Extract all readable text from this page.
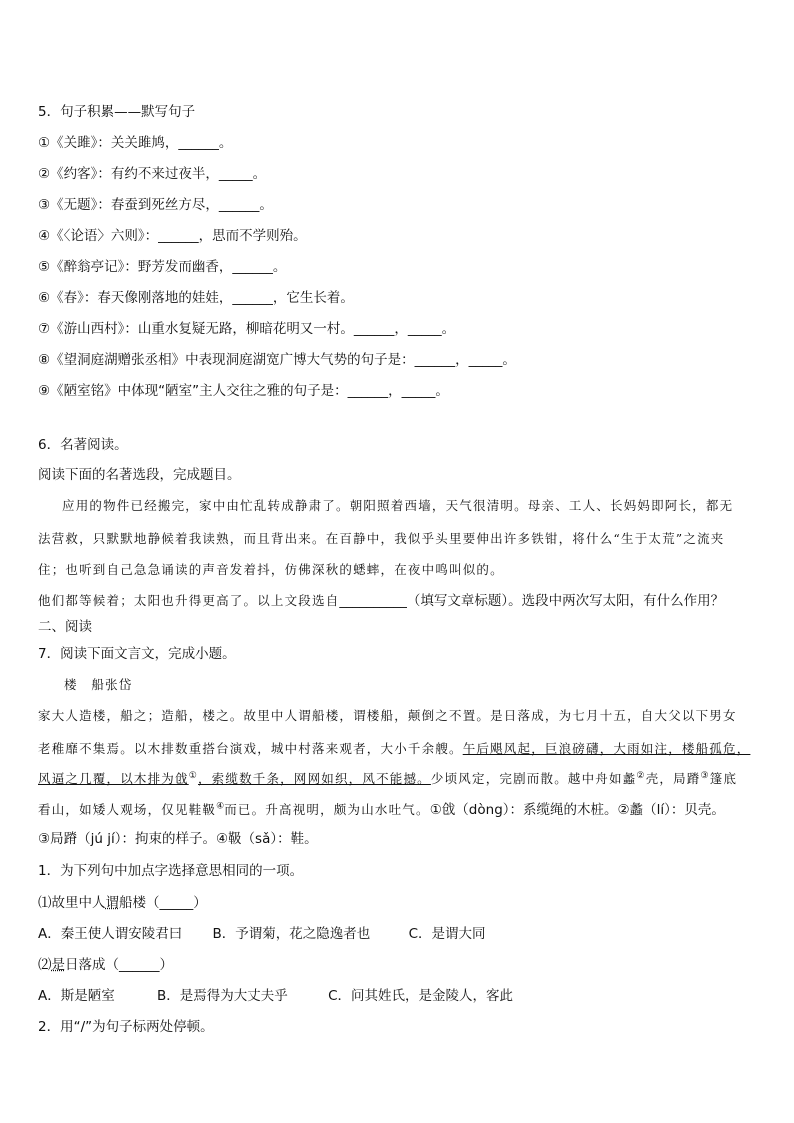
5．句子积累——默写句子
①《关雎》：关关雎鸠，______。
②《约客》：有约不来过夜半，_____。
③《无题》：春蚕到死丝方尽，______。
④《〈论语〉六则》：______，思而不学则殆。
⑤《醉翁亭记》：野芳发而幽香，______。
⑥《春》：春天像刚落地的娃娃，______，它生长着。
⑦《游山西村》：山重水复疑无路，柳暗花明又一村。______，_____。
⑧《望洞庭湖赠张丞相》中表现洞庭湖宽广博大气势的句子是：______，_____。
⑨《陋室铭》中体现“陋室”主人交往之雅的句子是：______，_____。
6．名著阅读。
阅读下面的名著选段，完成题目。
应用的物件已经搬完，家中由忙乱转成静肃了。朝阳照着西墙，天气很清明。母亲、工人、长妈妈即阿长，都无
法营救，只默默地静候着我读熟，而且背出来。在百静中，我似乎头里要伸出许多铁钳，将什么“生于太荒”之流夹
住；也听到自己急急诵读的声音发着抖，仿佛深秋的蟋蟀，在夜中鸣叫似的。
他们都等候着；太阳也升得更高了。以上文段选自__________（填写文章标题）。选段中两次写太阳，有什么作用？
二、阅读
7．阅读下面文言文，完成小题。
楼　船张岱
家大人造楼，船之；造船，楼之。故里中人谓船楼，谓楼船，颠倒之不置。是日落成，为七月十五，自大父以下男女
老稚靡不集焉。以木排数重搭台演戏，城中村落来观者，大小千余艘。午后飓风起，巨浪磅礴，大雨如注，楼船孤危，
风逼之几覆，以木排为戗①，索缆数千条，网网如织，风不能撼。少顷风定，完剧而散。越中舟如蠡②壳，局蹐③篷底
看山，如矮人观场，仅见鞋靸④而已。升高视明，颇为山水吐气。①戗（dòng）：系缆绳的木桩。②蠡（lí）：贝壳。
③局蹐（jú jí）：拘束的样子。④靸（sǎ）：鞋。
1．为下列句中加点字选择意思相同的一项。
⑴故里中人谓船楼（_____）
A．秦王使人谓安陵君曰 B．予谓菊，花之隐逸者也	C．是谓大同
⑵是日落成（______）
A．斯是陋室	B．是焉得为大丈夫乎	C．问其姓氏，是金陵人，客此
2．用“/”为句子标两处停顿。
